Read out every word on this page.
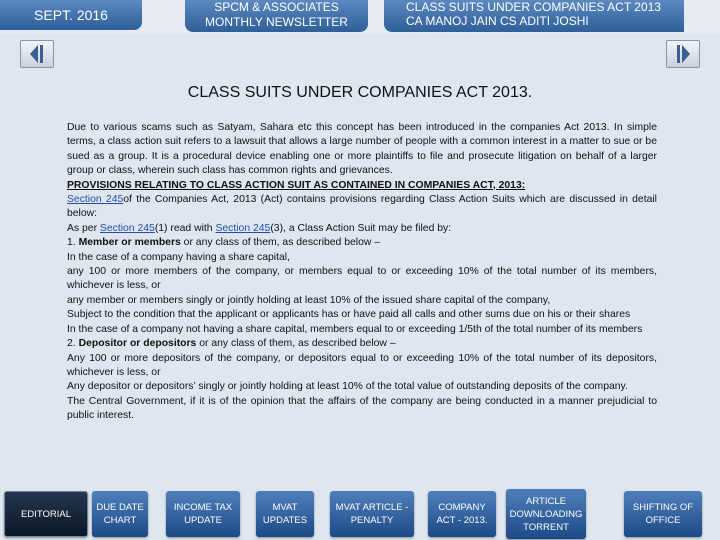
SEPT. 2016	SPCM & ASSOCIATES
MONTHLY NEWSLETTER
CLASS SUITS UNDER COMPANIES ACT 2013
CA MANOJ JAIN CS ADITI JOSHI
CLASS SUITS UNDER COMPANIES ACT 2013.

Due to various scams such as Satyam, Sahara etc this concept has been introduced in the companies Act 2013. In simple terms, a class action suit refers to a lawsuit that allows a large number of people with a common interest in a matter to sue or be sued as a group. It is a procedural device enabling one or more plaintiffs to file and prosecute litigation on behalf of a larger group or class, wherein such class has common rights and grievances.

PROVISIONS RELATING TO CLASS ACTION SUIT AS CONTAINED IN COMPANIES ACT, 2013:

Section 245of the Companies Act, 2013 (Act) contains provisions regarding Class Action Suits which are discussed in detail below:

As per Section 245(1) read with Section 245(3), a Class Action Suit may be filed by:

1. Member or members or any class of them, as described below –

In the case of a company having a share capital,

any 100 or more members of the company, or members equal to or exceeding 10% of the total number of its members, whichever is less, or

any member or members singly or jointly holding at least 10% of the issued share capital of the company,

Subject to the condition that the applicant or applicants has or have paid all calls and other sums due on his or their shares

In the case of a company not having a share capital, members equal to or exceeding 1/5th of the total number of its members

2. Depositor or depositors or any class of them, as described below –

Any 100 or more depositors of the company, or depositors equal to or exceeding 10% of the total number of its depositors, whichever is less, or

Any depositor or depositors’ singly or jointly holding at least 10% of the total value of outstanding deposits of the company.

The Central Government, if it is of the opinion that the affairs of the company are being conducted in a manner prejudicial to public interest.

EDITORIAL
DUE DATE CHART
INCOME TAX UPDATE
MVAT UPDATES
MVAT ARTICLE - PENALTY
COMPANY ACT - 2013.
ARTICLE DOWNLOADING TORRENT
SHIFTING OF OFFICE
